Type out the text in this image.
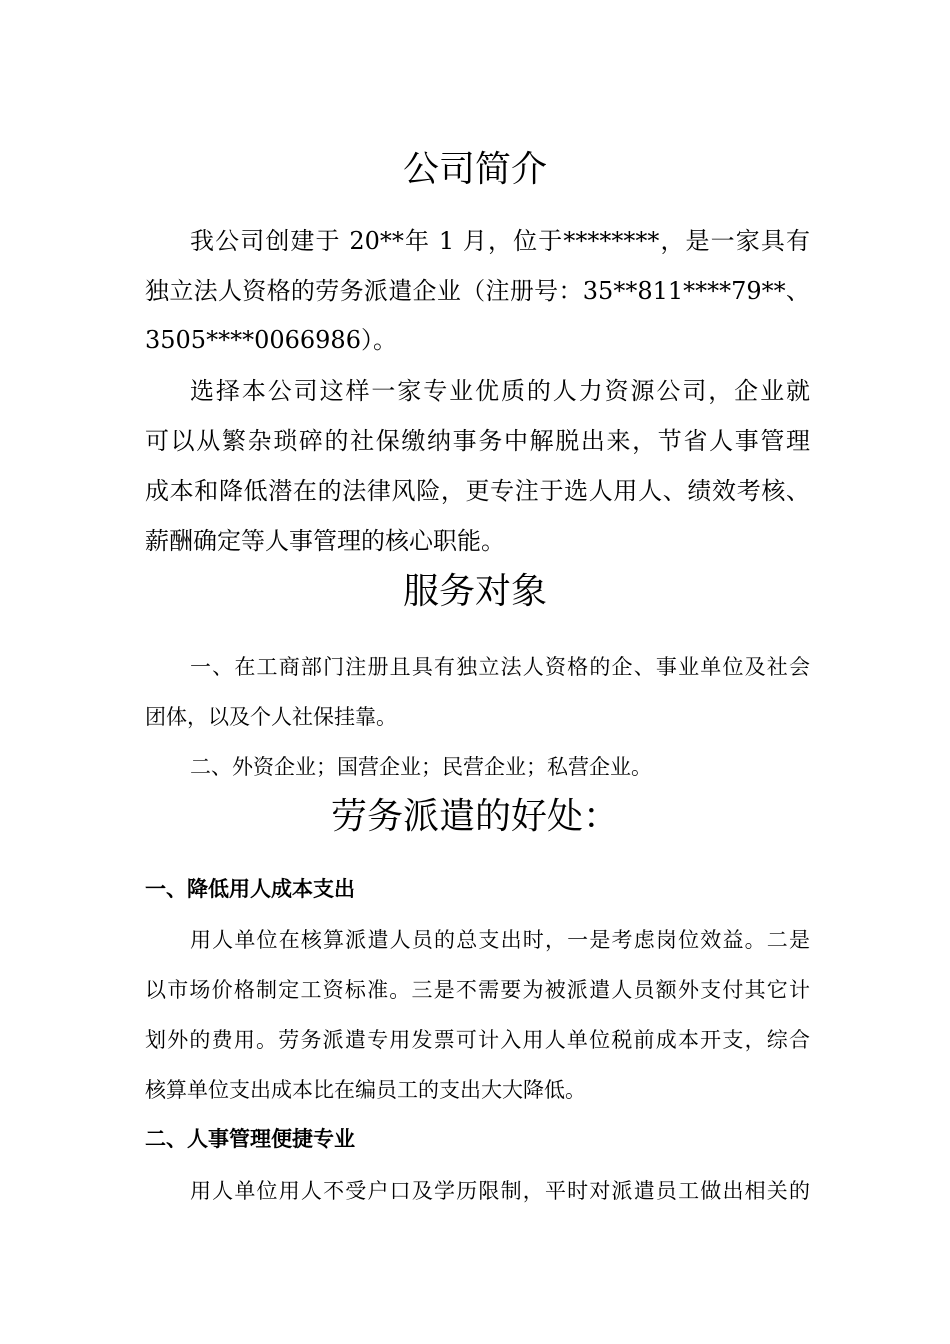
公司简介
我公司创建于 20**年 1 月，位于********，是一家具有
独立法人资格的劳务派遣企业（注册号：35**811****79**、
3505****0066986）。
选择本公司这样一家专业优质的人力资源公司，企业就
可以从繁杂琐碎的社保缴纳事务中解脱出来，节省人事管理
成本和降低潜在的法律风险，更专注于选人用人、绩效考核、
薪酬确定等人事管理的核心职能。
服务对象
一、在工商部门注册且具有独立法人资格的企、事业单位及社会
团体，以及个人社保挂靠。
二、外资企业；国营企业；民营企业；私营企业。
劳务派遣的好处：
一、降低用人成本支出
用人单位在核算派遣人员的总支出时，一是考虑岗位效益。二是
以市场价格制定工资标准。三是不需要为被派遣人员额外支付其它计
划外的费用。劳务派遣专用发票可计入用人单位税前成本开支，综合
核算单位支出成本比在编员工的支出大大降低。
二、人事管理便捷专业
用人单位用人不受户口及学历限制，平时对派遣员工做出相关的
